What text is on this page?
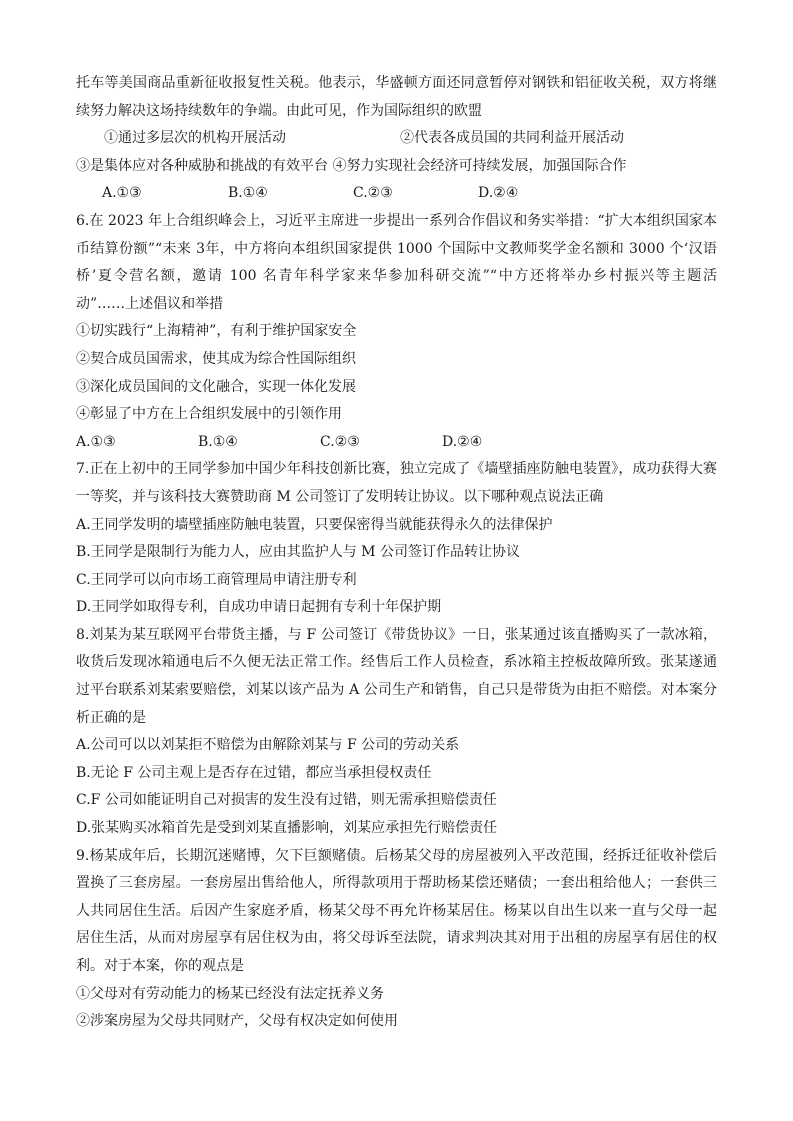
托车等美国商品重新征收报复性关税。他表示，华盛顿方面还同意暂停对钢铁和铝征收关税，双方将继
续努力解决这场持续数年的争端。由此可见，作为国际组织的欧盟
①通过多层次的机构开展活动	②代表各成员国的共同利益开展活动
③是集体应对各种威胁和挑战的有效平台 ④努力实现社会经济可持续发展，加强国际合作
A.①③	B.①④	C.②③	D.②④
6.在 2023 年上合组织峰会上，习近平主席进一步提出一系列合作倡议和务实举措：“扩大本组织国家本
币结算份额”“未来 3年，中方将向本组织国家提供 1000 个国际中文教师奖学金名额和 3000 个‘汉语
桥’夏令营名额，邀请 100 名青年科学家来华参加科研交流”“中方还将举办乡村振兴等主题活
动”……上述倡议和举措
①切实践行“上海精神”，有利于维护国家安全
②契合成员国需求，使其成为综合性国际组织
③深化成员国间的文化融合，实现一体化发展
④彰显了中方在上合组织发展中的引领作用
A.①③	B.①④	C.②③	D.②④
7.正在上初中的王同学参加中国少年科技创新比赛，独立完成了《墙壁插座防触电装置》，成功获得大赛
一等奖，并与该科技大赛赞助商 M 公司签订了发明转让协议。以下哪种观点说法正确
A.王同学发明的墙壁插座防触电装置，只要保密得当就能获得永久的法律保护
B.王同学是限制行为能力人，应由其监护人与 M 公司签订作品转让协议
C.王同学可以向市场工商管理局申请注册专利
D.王同学如取得专利，自成功申请日起拥有专利十年保护期
8.刘某为某互联网平台带货主播，与 F 公司签订《带货协议》一日，张某通过该直播购买了一款冰箱，
收货后发现冰箱通电后不久便无法正常工作。经售后工作人员检查，系冰箱主控板故障所致。张某遂通
过平台联系刘某索要赔偿，刘某以该产品为 A 公司生产和销售，自己只是带货为由拒不赔偿。对本案分
析正确的是
A.公司可以以刘某拒不赔偿为由解除刘某与 F 公司的劳动关系
B.无论 F 公司主观上是否存在过错，都应当承担侵权责任
C.F 公司如能证明自己对损害的发生没有过错，则无需承担赔偿责任
D.张某购买冰箱首先是受到刘某直播影响，刘某应承担先行赔偿责任
9.杨某成年后，长期沉迷赌博，欠下巨额赌债。后杨某父母的房屋被列入平改范围，经拆迁征收补偿后
置换了三套房屋。一套房屋出售给他人，所得款项用于帮助杨某偿还赌债；一套出租给他人；一套供三
人共同居住生活。后因产生家庭矛盾，杨某父母不再允许杨某居住。杨某以自出生以来一直与父母一起
居住生活，从而对房屋享有居住权为由，将父母诉至法院，请求判决其对用于出租的房屋享有居住的权
利。对于本案，你的观点是
①父母对有劳动能力的杨某已经没有法定抚养义务
②涉案房屋为父母共同财产，父母有权决定如何使用
